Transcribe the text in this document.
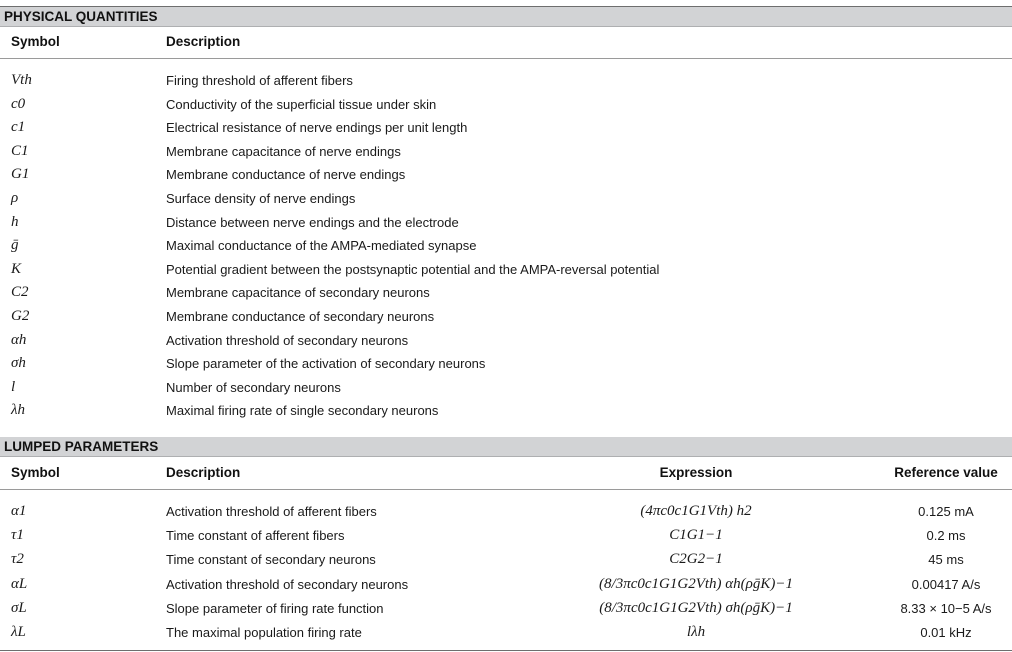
PHYSICAL QUANTITIES
Symbol	Description
Vth	Firing threshold of afferent fibers
c0	Conductivity of the superficial tissue under skin
c1	Electrical resistance of nerve endings per unit length
C1	Membrane capacitance of nerve endings
G1	Membrane conductance of nerve endings
ρ	Surface density of nerve endings
h	Distance between nerve endings and the electrode
ḡ	Maximal conductance of the AMPA-mediated synapse
K	Potential gradient between the postsynaptic potential and the AMPA-reversal potential
C2	Membrane capacitance of secondary neurons
G2	Membrane conductance of secondary neurons
αh	Activation threshold of secondary neurons
σh	Slope parameter of the activation of secondary neurons
l	Number of secondary neurons
λh	Maximal firing rate of single secondary neurons
LUMPED PARAMETERS
Symbol	Description	Expression	Reference value
α1	Activation threshold of afferent fibers	(4πc0c1G1Vth) h2	0.125 mA
τ1	Time constant of afferent fibers	C1G1−1	0.2 ms
τ2	Time constant of secondary neurons	C2G2−1	45 ms
αL	Activation threshold of secondary neurons	(8/3πc0c1G1G2Vth) αh(ρḡK)−1	0.00417 A/s
σL	Slope parameter of firing rate function	(8/3πc0c1G1G2Vth) σh(ρḡK)−1	8.33 × 10−5 A/s
λL	The maximal population firing rate	lλh	0.01 kHz
